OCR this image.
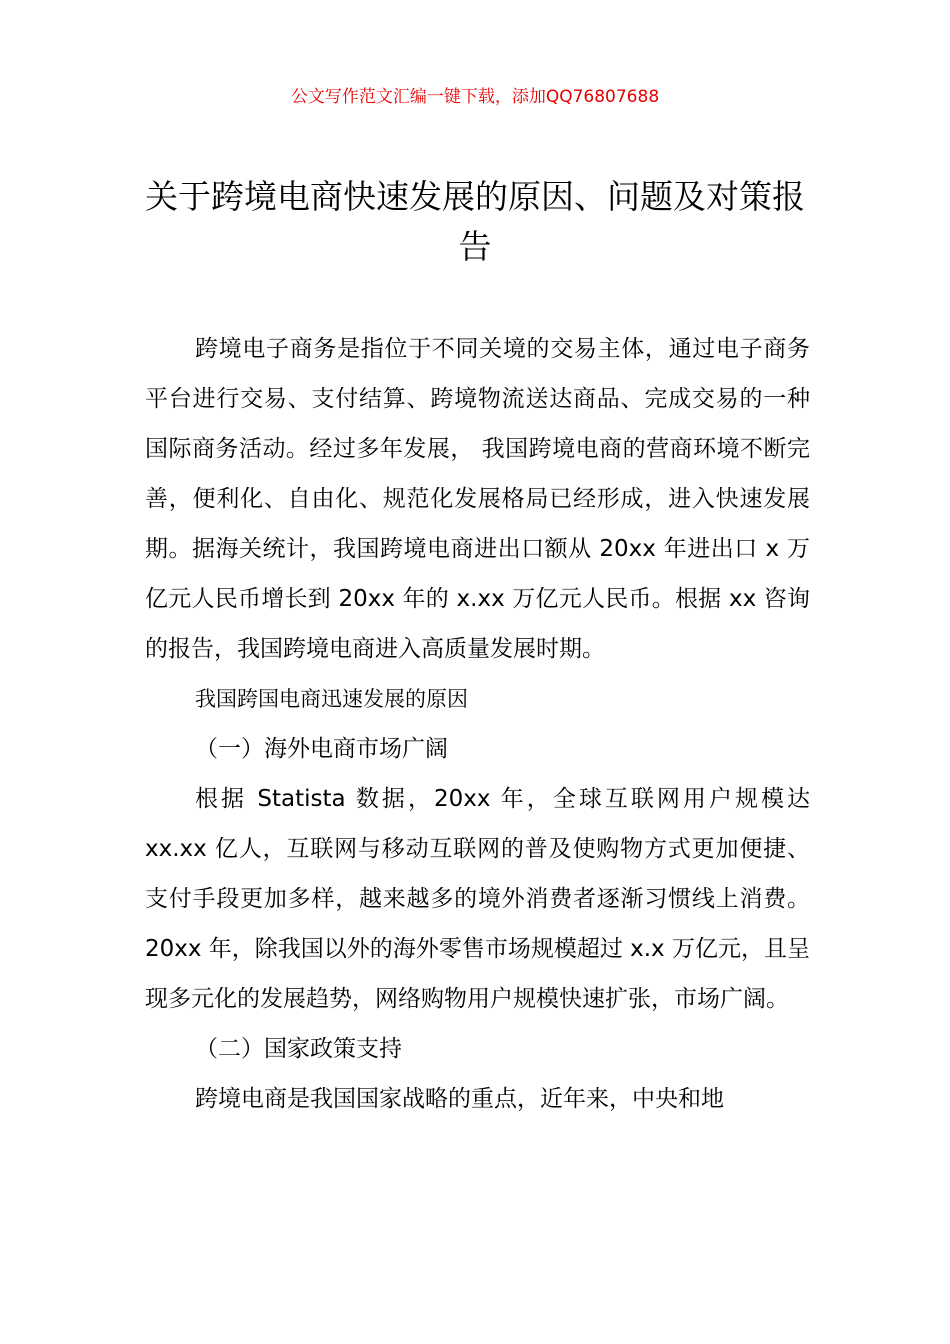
公文写作范文汇编一键下载，添加QQ76807688
关于跨境电商快速发展的原因、问题及对策报告

跨境电子商务是指位于不同关境的交易主体，通过电子商务平台进行交易、支付结算、跨境物流送达商品、完成交易的一种国际商务活动。经过多年发展， 我国跨境电商的营商环境不断完善，便利化、自由化、规范化发展格局已经形成，进入快速发展期。据海关统计，我国跨境电商进出口额从 20xx 年进出口 x 万亿元人民币增长到 20xx 年的 x.xx 万亿元人民币。根据 xx 咨询的报告，我国跨境电商进入高质量发展时期。

我国跨国电商迅速发展的原因

（一）海外电商市场广阔

根据 Statista 数据，20xx 年，全球互联网用户规模达 xx.xx 亿人，互联网与移动互联网的普及使购物方式更加便捷、支付手段更加多样，越来越多的境外消费者逐渐习惯线上消费。20xx 年，除我国以外的海外零售市场规模超过 x.x 万亿元，且呈现多元化的发展趋势，网络购物用户规模快速扩张，市场广阔。

（二）国家政策支持

跨境电商是我国国家战略的重点，近年来，中央和地
